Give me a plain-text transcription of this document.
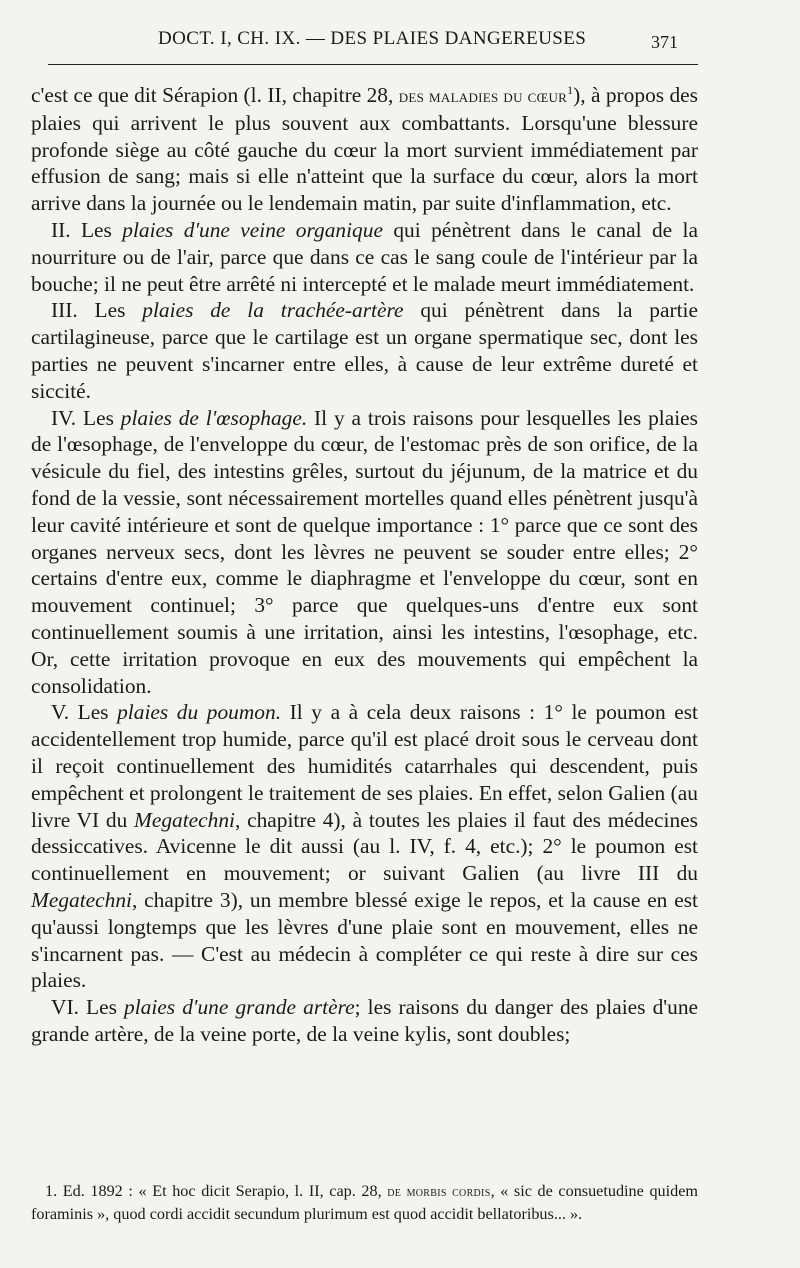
DOCT. I, CH. IX. — DES PLAIES DANGEREUSES	371

c'est ce que dit Sérapion (l. II, chapitre 28, des maladies du cœur$^1$), à propos des plaies qui arrivent le plus souvent aux combattants. Lorsqu'une blessure profonde siège au côté gauche du cœur la mort survient immédiatement par effusion de sang; mais si elle n'atteint que la surface du cœur, alors la mort arrive dans la journée ou le lendemain matin, par suite d'inflammation, etc.

II. Les plaies d'une veine organique qui pénètrent dans le canal de la nourriture ou de l'air, parce que dans ce cas le sang coule de l'intérieur par la bouche; il ne peut être arrêté ni intercepté et le malade meurt immédiatement.

III. Les plaies de la trachée-artère qui pénètrent dans la partie cartilagineuse, parce que le cartilage est un organe spermatique sec, dont les parties ne peuvent s'incarner entre elles, à cause de leur extrême dureté et siccité.

IV. Les plaies de l'œsophage. Il y a trois raisons pour lesquelles les plaies de l'œsophage, de l'enveloppe du cœur, de l'estomac près de son orifice, de la vésicule du fiel, des intestins grêles, surtout du jéjunum, de la matrice et du fond de la vessie, sont nécessairement mortelles quand elles pénètrent jusqu'à leur cavité intérieure et sont de quelque importance : 1° parce que ce sont des organes nerveux secs, dont les lèvres ne peuvent se souder entre elles; 2° certains d'entre eux, comme le diaphragme et l'enveloppe du cœur, sont en mouvement continuel; 3° parce que quelques-uns d'entre eux sont continuellement soumis à une irritation, ainsi les intestins, l'œsophage, etc. Or, cette irritation provoque en eux des mouvements qui empêchent la consolidation.

V. Les plaies du poumon. Il y a à cela deux raisons : 1° le poumon est accidentellement trop humide, parce qu'il est placé droit sous le cerveau dont il reçoit continuellement des humidités catarrhales qui descendent, puis empêchent et prolongent le traitement de ses plaies. En effet, selon Galien (au livre VI du Megatechni, chapitre 4), à toutes les plaies il faut des médecines dessiccatives. Avicenne le dit aussi (au l. IV, f. 4, etc.); 2° le poumon est continuellement en mouvement; or suivant Galien (au livre III du Megatechni, chapitre 3), un membre blessé exige le repos, et la cause en est qu'aussi longtemps que les lèvres d'une plaie sont en mouvement, elles ne s'incarnent pas. — C'est au médecin à compléter ce qui reste à dire sur ces plaies.

VI. Les plaies d'une grande artère; les raisons du danger des plaies d'une grande artère, de la veine porte, de la veine kylis, sont doubles;

1. Ed. 1892 : « Et hoc dicit Serapio, l. II, cap. 28, de morbis cordis, « sic de consuetudine quidem foraminis », quod cordi accidit secundum plurimum est quod accidit bellatoribus... ».
